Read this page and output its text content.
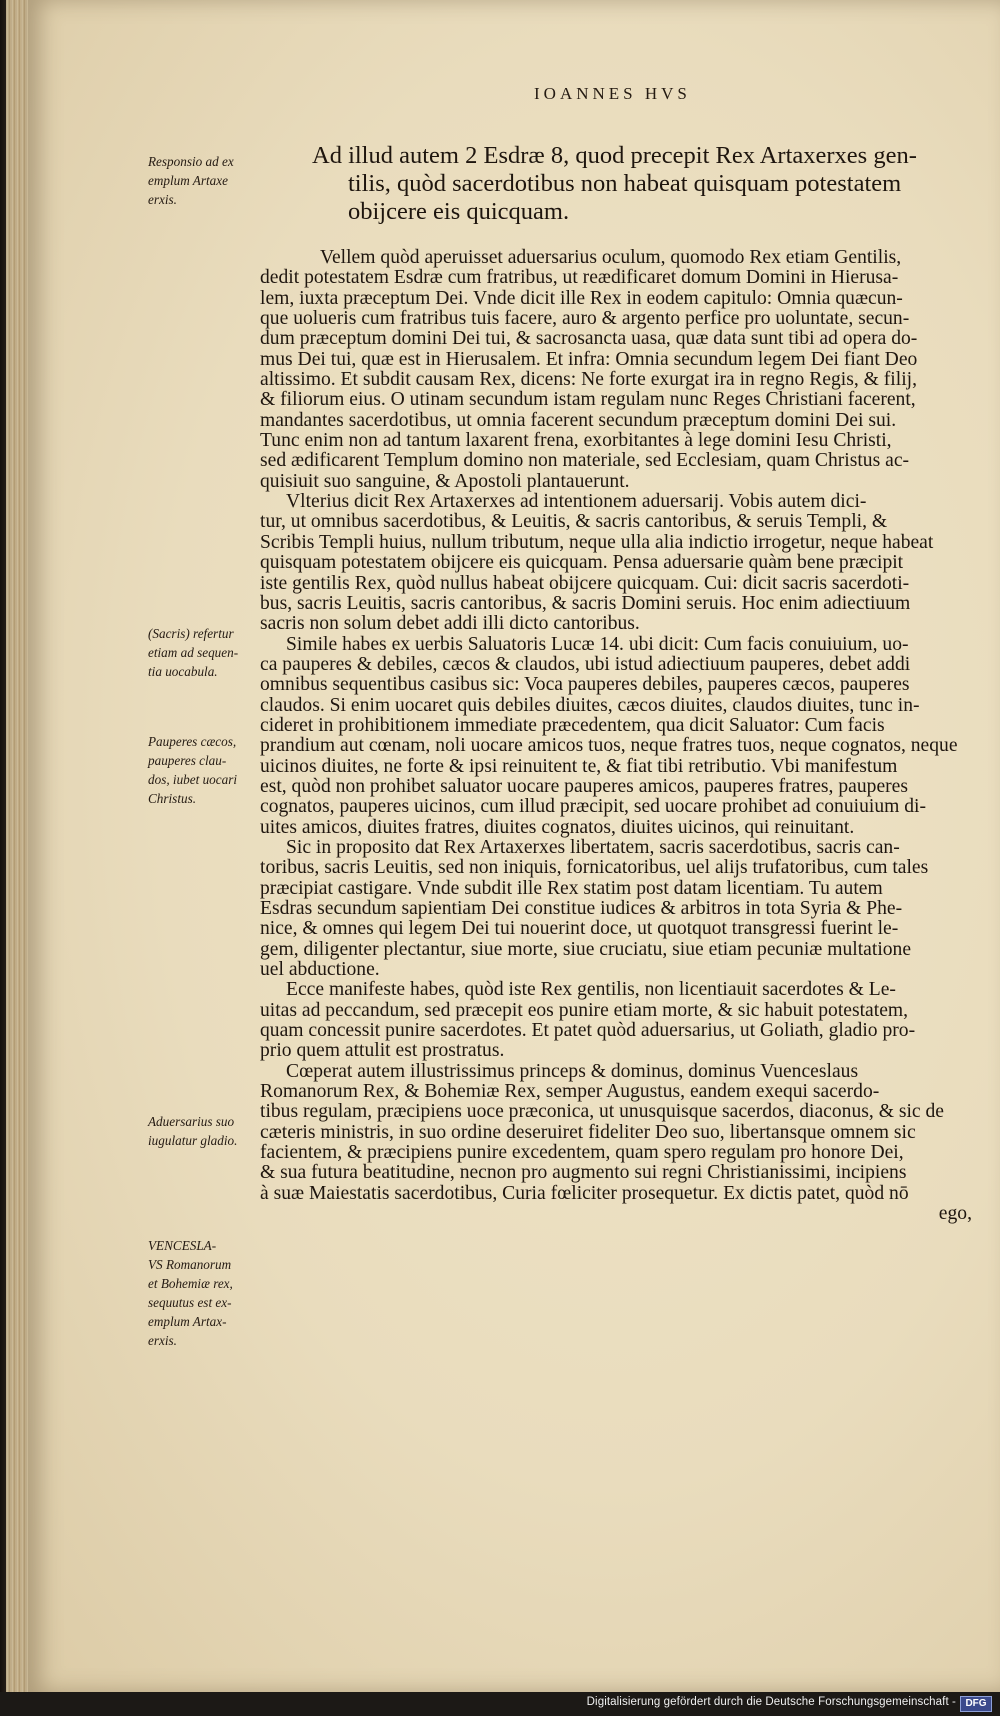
IOANNES HVS
Ad illud autem 2 Esdræ 8, quod precepit Rex Artaxerxes gen-
tilis, quòd sacerdotibus non habeat quisquam potestatem
obijcere eis quicquam.
Responsio ad ex
emplum Artaxe
erxis.
(Sacris) refertur
etiam ad sequen-
tia uocabula.
Pauperes cæcos,
pauperes clau-
dos, iubet uocari
Christus.
Aduersarius suo
iugulatur gladio.
VENCESLA-
VS Romanorum
et Bohemiæ rex,
sequutus est ex-
emplum Artax-
erxis.
Vellem quòd aperuisset aduersarius oculum, quomodo Rex etiam Gentilis,
dedit potestatem Esdræ cum fratribus, ut reædificaret domum Domini in Hierusa-
lem, iuxta præceptum Dei. Vnde dicit ille Rex in eodem capitulo: Omnia quæcun-
que uolueris cum fratribus tuis facere, auro & argento perfice pro uoluntate, secun-
dum præceptum domini Dei tui, & sacrosancta uasa, quæ data sunt tibi ad opera do-
mus Dei tui, quæ est in Hierusalem. Et infra: Omnia secundum legem Dei fiant Deo
altissimo. Et subdit causam Rex, dicens: Ne forte exurgat ira in regno Regis, & filij,
& filiorum eius. O utinam secundum istam regulam nunc Reges Christiani facerent,
mandantes sacerdotibus, ut omnia facerent secundum præceptum domini Dei sui.
Tunc enim non ad tantum laxarent frena, exorbitantes à lege domini Iesu Christi,
sed ædificarent Templum domino non materiale, sed Ecclesiam, quam Christus ac-
quisiuit suo sanguine, & Apostoli plantauerunt.
Vlterius dicit Rex Artaxerxes ad intentionem aduersarij. Vobis autem dici-
tur, ut omnibus sacerdotibus, & Leuitis, & sacris cantoribus, & seruis Templi, &
Scribis Templi huius, nullum tributum, neque ulla alia indictio irrogetur, neque habeat
quisquam potestatem obijcere eis quicquam. Pensa aduersarie quàm bene præcipit
iste gentilis Rex, quòd nullus habeat obijcere quicquam. Cui: dicit sacris sacerdoti-
bus, sacris Leuitis, sacris cantoribus, & sacris Domini seruis. Hoc enim adiectiuum
sacris non solum debet addi illi dicto cantoribus.
Simile habes ex uerbis Saluatoris Lucæ 14. ubi dicit: Cum facis conuiuium, uo-
ca pauperes & debiles, cæcos & claudos, ubi istud adiectiuum pauperes, debet addi
omnibus sequentibus casibus sic: Voca pauperes debiles, pauperes cæcos, pauperes
claudos. Si enim uocaret quis debiles diuites, cæcos diuites, claudos diuites, tunc in-
cideret in prohibitionem immediate præcedentem, qua dicit Saluator: Cum facis
prandium aut cœnam, noli uocare amicos tuos, neque fratres tuos, neque cognatos, neque
uicinos diuites, ne forte & ipsi reinuitent te, & fiat tibi retributio. Vbi manifestum
est, quòd non prohibet saluator uocare pauperes amicos, pauperes fratres, pauperes
cognatos, pauperes uicinos, cum illud præcipit, sed uocare prohibet ad conuiuium di-
uites amicos, diuites fratres, diuites cognatos, diuites uicinos, qui reinuitant.
Sic in proposito dat Rex Artaxerxes libertatem, sacris sacerdotibus, sacris can-
toribus, sacris Leuitis, sed non iniquis, fornicatoribus, uel alijs trufatoribus, cum tales
præcipiat castigare. Vnde subdit ille Rex statim post datam licentiam. Tu autem
Esdras secundum sapientiam Dei constitue iudices & arbitros in tota Syria & Phe-
nice, & omnes qui legem Dei tui nouerint doce, ut quotquot transgressi fuerint le-
gem, diligenter plectantur, siue morte, siue cruciatu, siue etiam pecuniæ multatione
uel abductione.
Ecce manifeste habes, quòd iste Rex gentilis, non licentiauit sacerdotes & Le-
uitas ad peccandum, sed præcepit eos punire etiam morte, & sic habuit potestatem,
quam concessit punire sacerdotes. Et patet quòd aduersarius, ut Goliath, gladio pro-
prio quem attulit est prostratus.
Cœperat autem illustrissimus princeps & dominus, dominus Vuenceslaus
Romanorum Rex, & Bohemiæ Rex, semper Augustus, eandem exequi sacerdo-
tibus regulam, præcipiens uoce præconica, ut unusquisque sacerdos, diaconus, & sic de
cæteris ministris, in suo ordine deseruiret fideliter Deo suo, libertansque omnem sic
facientem, & præcipiens punire excedentem, quam spero regulam pro honore Dei,
& sua futura beatitudine, necnon pro augmento sui regni Christianissimi, incipiens
à suæ Maiestatis sacerdotibus, Curia fœliciter prosequetur. Ex dictis patet, quòd nō
ego,
Digitalisierung gefördert durch die Deutsche Forschungsgemeinschaft - DFG
